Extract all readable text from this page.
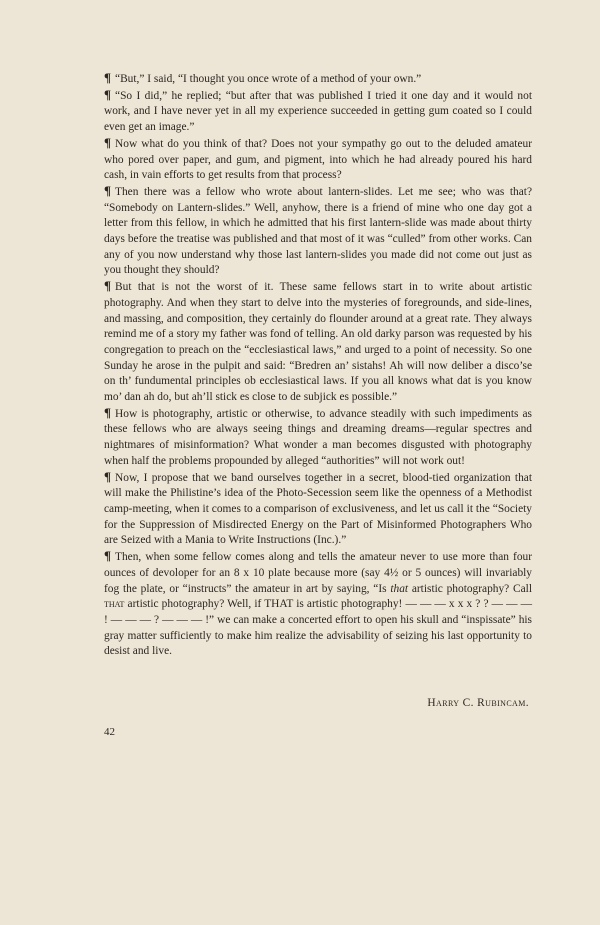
¶ “But,” I said, “I thought you once wrote of a method of your own.”

¶ “So I did,” he replied; “but after that was published I tried it one day and it would not work, and I have never yet in all my experience succeeded in getting gum coated so I could even get an image.”

¶ Now what do you think of that? Does not your sympathy go out to the deluded amateur who pored over paper, and gum, and pigment, into which he had already poured his hard cash, in vain efforts to get results from that process?

¶ Then there was a fellow who wrote about lantern-slides. Let me see; who was that? “Somebody on Lantern-slides.” Well, anyhow, there is a friend of mine who one day got a letter from this fellow, in which he admitted that his first lantern-slide was made about thirty days before the treatise was published and that most of it was “culled” from other works. Can any of you now understand why those last lantern-slides you made did not come out just as you thought they should?

¶ But that is not the worst of it. These same fellows start in to write about artistic photography. And when they start to delve into the mysteries of foregrounds, and side-lines, and massing, and composition, they certainly do flounder around at a great rate. They always remind me of a story my father was fond of telling. An old darky parson was requested by his congregation to preach on the “ecclesiastical laws,” and urged to a point of necessity. So one Sunday he arose in the pulpit and said: “Bredren an’ sistahs! Ah will now deliber a disco’se on th’ fundumental principles ob ecclesiastical laws. If you all knows what dat is you know mo’ dan ah do, but ah’ll stick es close to de subjick es possible.”

¶ How is photography, artistic or otherwise, to advance steadily with such impediments as these fellows who are always seeing things and dreaming dreams—regular spectres and nightmares of misinformation? What wonder a man becomes disgusted with photography when half the problems propounded by alleged “authorities” will not work out!

¶ Now, I propose that we band ourselves together in a secret, blood-tied organization that will make the Philistine’s idea of the Photo-Secession seem like the openness of a Methodist camp-meeting, when it comes to a comparison of exclusiveness, and let us call it the “Society for the Suppression of Misdirected Energy on the Part of Misinformed Photographers Who are Seized with a Mania to Write Instructions (Inc.).”

¶ Then, when some fellow comes along and tells the amateur never to use more than four ounces of devoloper for an 8 x 10 plate because more (say 4½ or 5 ounces) will invariably fog the plate, or “instructs” the amateur in art by saying, “Is that artistic photography? Call that artistic photography? Well, if THAT is artistic photography! — — — x x x ? ? — — — ! — — — ? — — — !” we can make a concerted effort to open his skull and “inspissate” his gray matter sufficiently to make him realize the advisability of seizing his last opportunity to desist and live.

Harry C. Rubincam.
42
